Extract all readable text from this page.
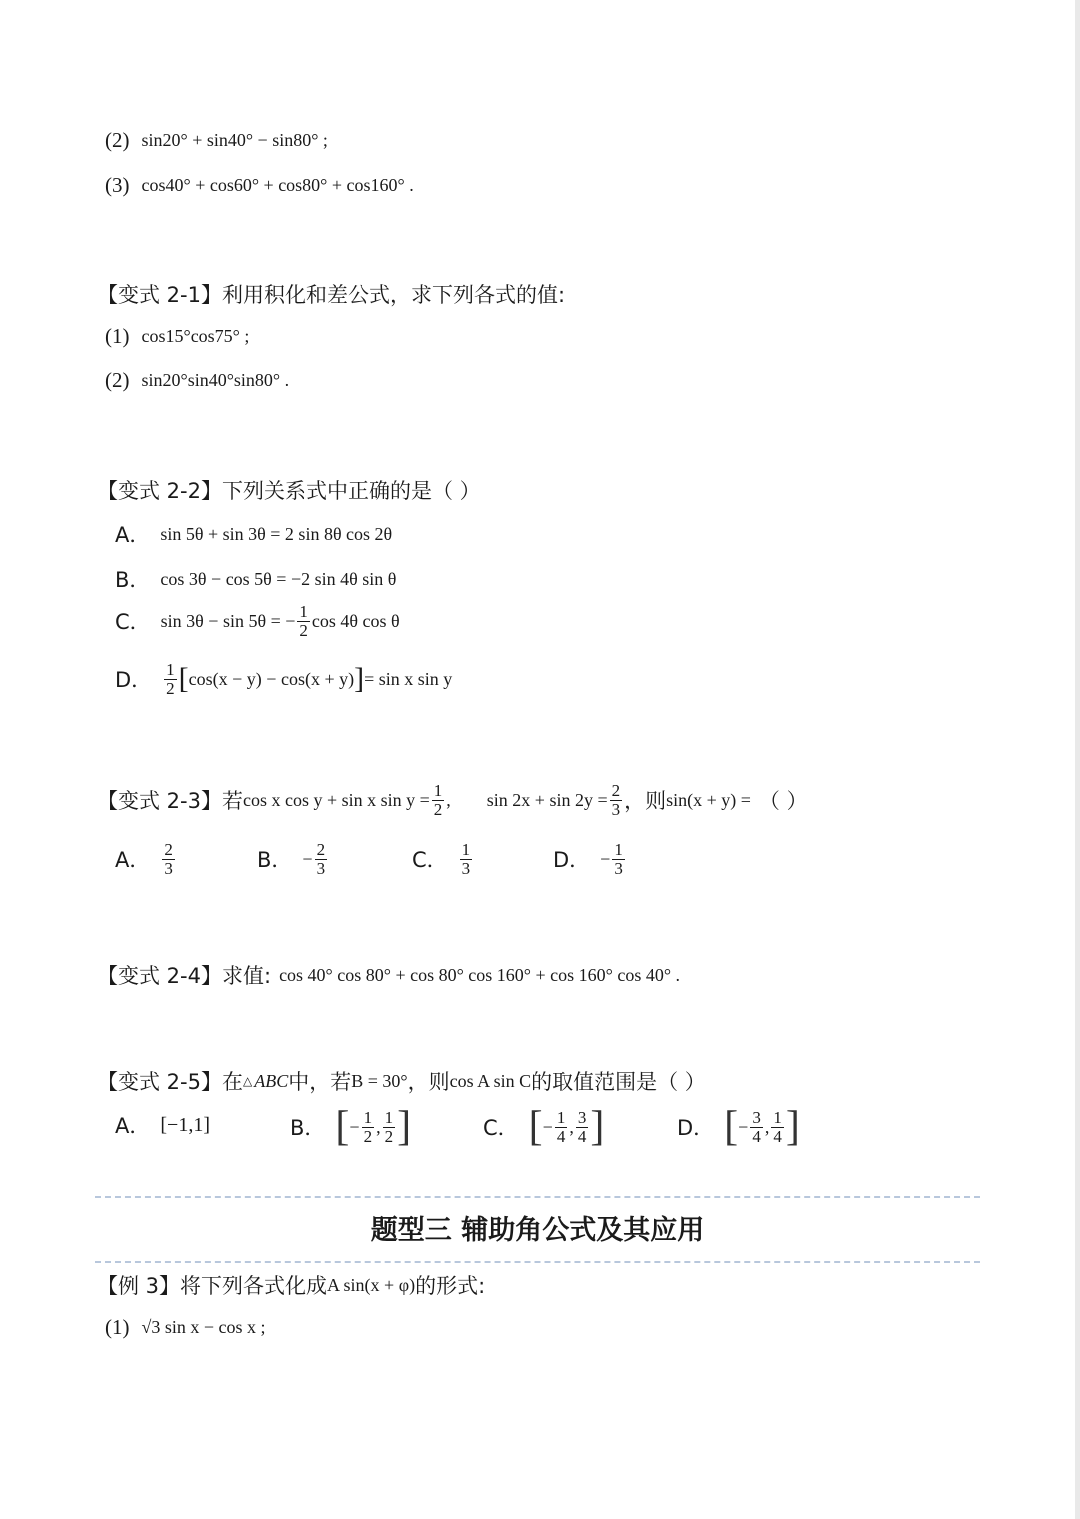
(2) sin20° + sin40° − sin80° ;
(3) cos40° + cos60° + cos80° + cos160° .
【变式 2-1】 利用积化和差公式，求下列各式的值:
(1) cos15°cos75° ;
(2) sin20°sin40°sin80° .
【变式 2-2】 下列关系式中正确的是（ ）
A． sin 5θ + sin 3θ = 2 sin 8θ cos 2θ
B． cos 3θ − cos 5θ = −2 sin 4θ sin θ
C． sin 3θ − sin 5θ = − $\frac{1}{2}$ cos 4θ cos θ
D． 1
2 [ cos(x − y) − cos(x + y) ] = sin x sin y
【变式 2-3】 若 cos x cos y + sin x $\sin y = \frac{1}{2}$ , $\sin 2x + \sin 2y = \frac{2}{3}$ ，则 sin(x + y) = （ ）
A． 2
3	B． − $\frac{2}{3}$	C． 1
3	D． − $\frac{1}{3}$
【变式 2-4】 求值: cos 40° cos 80° + cos 80° cos 160° + cos 160° cos 40° .
【变式 2-5】 在 △ ABC 中，若 B = 30° ，则 cos A sin C 的取值范围是（ ）
A． [−1,1]	B． [ − $\frac{1}{2}$ , 1
2 ]	C． [ − $\frac{1}{4}$ , 3
4 ]	D． [ − $\frac{3}{4}$ , 1
4 ]
题型三 辅助角公式及其应用
【例 3】 将下列各式化成 A sin(x + φ) 的形式:
(1) √3 sin x − cos x ;
